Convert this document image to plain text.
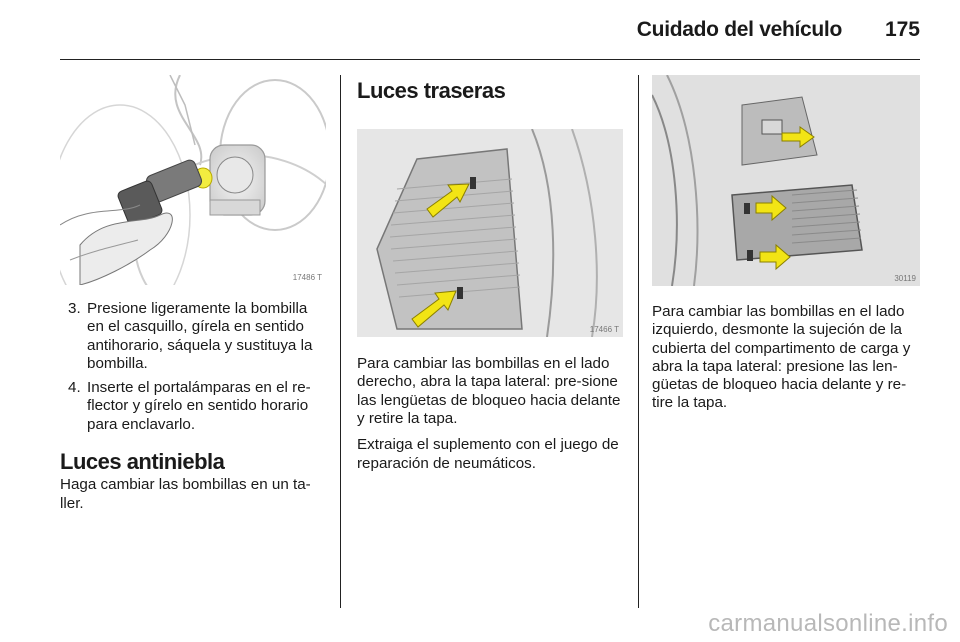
Cuidado del vehículo 175
17486 T
3. Presione ligeramente la bombilla en el casquillo, gírela en sentido antihorario, sáquela y sustituya la bombilla.
4. Inserte el portalámparas en el re-flector y gírelo en sentido horario para enclavarlo.
Luces antiniebla

Haga cambiar las bombillas en un ta-ller.

Luces traseras
17466 T

Para cambiar las bombillas en el lado derecho, abra la tapa lateral: pre-sione las lengüetas de bloqueo hacia delante y retire la tapa.

Extraiga el suplemento con el juego de reparación de neumáticos.

30119

Para cambiar las bombillas en el lado izquierdo, desmonte la sujeción de la cubierta del compartimento de carga y abra la tapa lateral: presione las len-güetas de bloqueo hacia delante y re-tire la tapa.

carmanualsonline.info
